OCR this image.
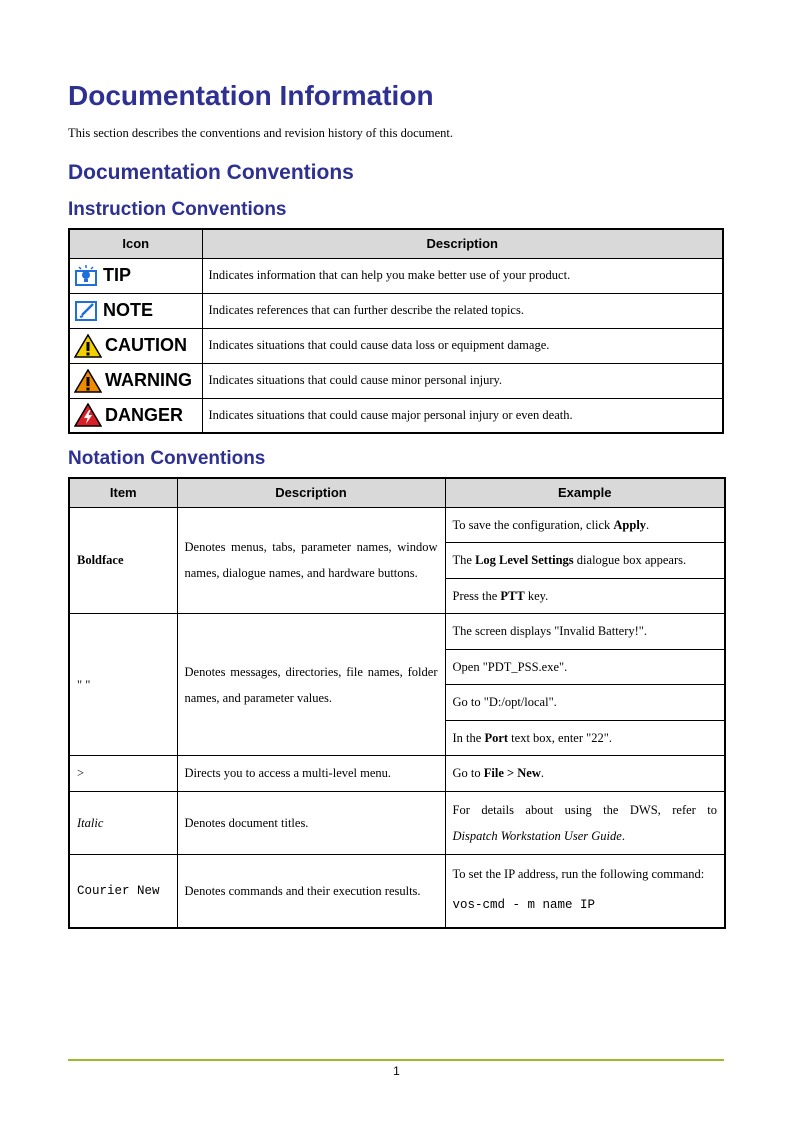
Documentation Information
This section describes the conventions and revision history of this document.
Documentation Conventions
Instruction Conventions
Icon	Description

TIP	Indicates information that can help you make better use of your product.

NOTE	Indicates references that can further describe the related topics.

CAUTION	Indicates situations that could cause data loss or equipment damage.

WARNING	Indicates situations that could cause minor personal injury.

DANGER	Indicates situations that could cause major personal injury or even death.
Notation Conventions
Item	Description	Example
Boldface	Denotes menus, tabs, parameter names, window names, dialogue names, and hardware buttons.	To save the configuration, click Apply.
		The Log Level Settings dialogue box appears.
		Press the PTT key.
" "	Denotes messages, directories, file names, folder names, and parameter values.	The screen displays "Invalid Battery!".
		Open "PDT_PSS.exe".
		Go to "D:/opt/local".
		In the Port text box, enter "22".
>	Directs you to access a multi-level menu.	Go to File > New.
Italic	Denotes document titles.	For details about using the DWS, refer to
Dispatch Workstation User Guide.

Courier New	Denotes commands and their execution results.	To set the IP address, run the following command:
vos-cmd - m name IP
1
